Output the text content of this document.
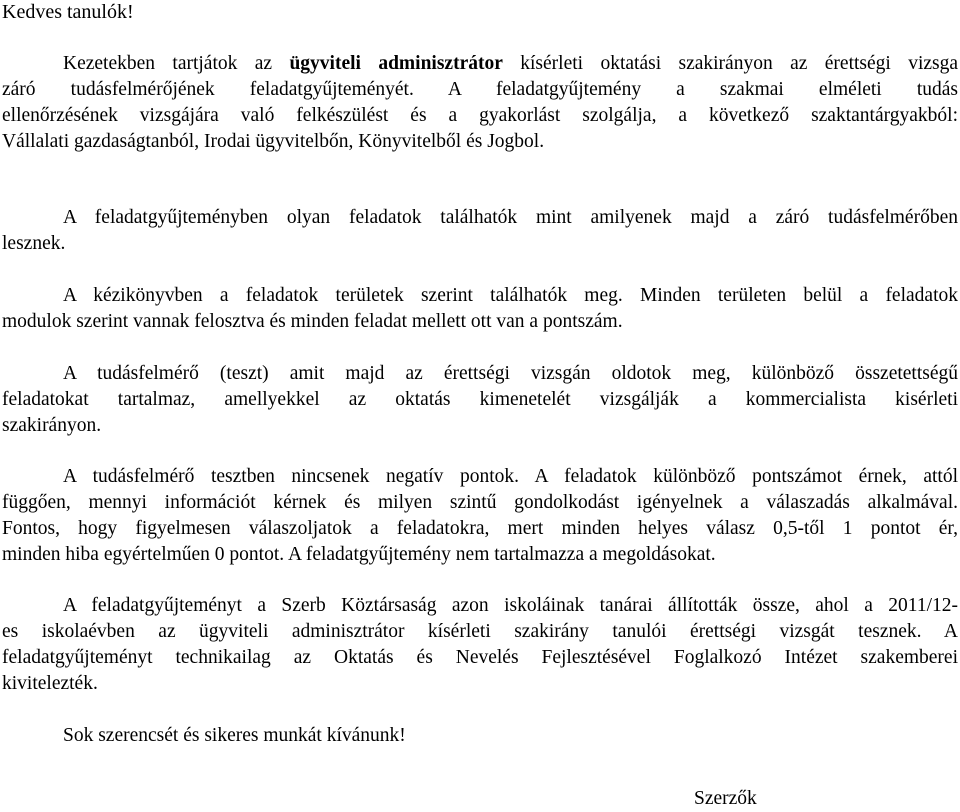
Kedves tanulók!
Kezetekben tartjátok az ügyviteli adminisztrátor kísérleti oktatási szakirányon az érettségi vizsga
záró tudásfelmérőjének feladatgyűjteményét. A feladatgyűjtemény a szakmai elméleti tudás
ellenőrzésének vizsgájára való felkészülést és a gyakorlást szolgálja, a következő szaktantárgyakból:
Vállalati gazdaságtanból, Irodai ügyvitelbőn, Könyvitelből és Jogbol.
A feladatgyűjteményben olyan feladatok találhatók mint amilyenek majd a záró tudásfelmérőben
lesznek.
A kézikönyvben a feladatok területek szerint találhatók meg. Minden területen belül a feladatok
modulok szerint vannak felosztva és minden feladat mellett ott van a pontszám.
A tudásfelmérő (teszt) amit majd az érettségi vizsgán oldotok meg, különböző összetettségű
feladatokat tartalmaz, amellyekkel az oktatás kimenetelét vizsgálják a kommercialista kisérleti
szakirányon.
A tudásfelmérő tesztben nincsenek negatív pontok. A feladatok különböző pontszámot érnek, attól
függően, mennyi információt kérnek és milyen szintű gondolkodást igényelnek a válaszadás alkalmával.
Fontos, hogy figyelmesen válaszoljatok a feladatokra, mert minden helyes válasz 0,5-től 1 pontot ér,
minden hiba egyértelműen 0 pontot. A feladatgyűjtemény nem tartalmazza a megoldásokat.
A feladatgyűjteményt a Szerb Köztársaság azon iskoláinak tanárai állították össze, ahol a 2011/12-
es iskolaévben az ügyviteli adminisztrátor kísérleti szakirány tanulói érettségi vizsgát tesznek. A
feladatgyűjteményt technikailag az Oktatás és Nevelés Fejlesztésével Foglalkozó Intézet szakemberei
kivitelezték.
Sok szerencsét és sikeres munkát kívánunk!
Szerzők
